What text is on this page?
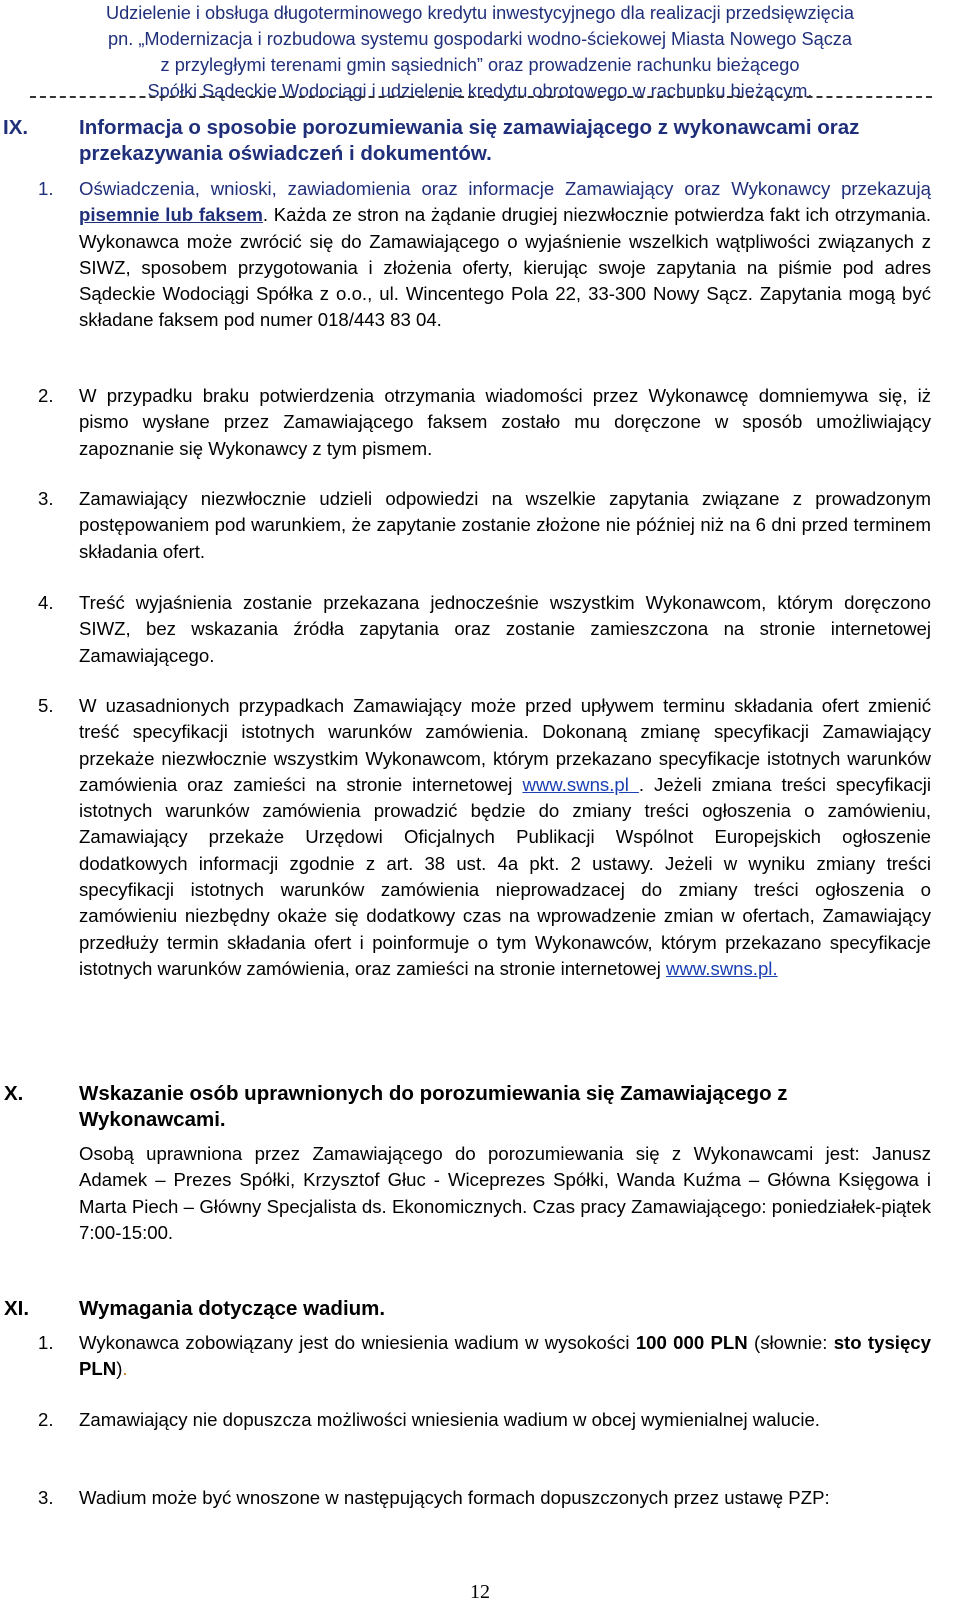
Udzielenie i obsługa długoterminowego kredytu inwestycyjnego dla realizacji przedsięwzięcia
pn. „Modernizacja i rozbudowa systemu gospodarki wodno-ściekowej Miasta Nowego Sącza
z przyległymi terenami gmin sąsiednich” oraz prowadzenie rachunku bieżącego
Spółki Sądeckie Wodociągi i udzielenie kredytu obrotowego w rachunku bieżącym.
IX. Informacja o sposobie porozumiewania się zamawiającego z wykonawcami oraz przekazywania oświadczeń i dokumentów.
1. Oświadczenia, wnioski, zawiadomienia oraz informacje Zamawiający oraz Wykonawcy przekazują pisemnie lub faksem. Każda ze stron na żądanie drugiej niezwłocznie potwierdza fakt ich otrzymania. Wykonawca może zwrócić się do Zamawiającego o wyjaśnienie wszelkich wątpliwości związanych z SIWZ, sposobem przygotowania i złożenia oferty, kierując swoje zapytania na piśmie pod adres Sądeckie Wodociągi Spółka z o.o., ul. Wincentego Pola 22, 33-300 Nowy Sącz. Zapytania mogą być składane faksem pod numer 018/443 83 04.
2. W przypadku braku potwierdzenia otrzymania wiadomości przez Wykonawcę domniemywa się, iż pismo wysłane przez Zamawiającego faksem zostało mu doręczone w sposób umożliwiający zapoznanie się Wykonawcy z tym pismem.
3. Zamawiający niezwłocznie udzieli odpowiedzi na wszelkie zapytania związane z prowadzonym postępowaniem pod warunkiem, że zapytanie zostanie złożone nie później niż na 6 dni przed terminem składania ofert.
4. Treść wyjaśnienia zostanie przekazana jednocześnie wszystkim Wykonawcom, którym doręczono SIWZ, bez wskazania źródła zapytania oraz zostanie zamieszczona na stronie internetowej Zamawiającego.
5. W uzasadnionych przypadkach Zamawiający może przed upływem terminu składania ofert zmienić treść specyfikacji istotnych warunków zamówienia. Dokonaną zmianę specyfikacji Zamawiający przekaże niezwłocznie wszystkim Wykonawcom, którym przekazano specyfikacje istotnych warunków zamówienia oraz zamieści na stronie internetowej www.swns.pl . Jeżeli zmiana treści specyfikacji istotnych warunków zamówienia prowadzić będzie do zmiany treści ogłoszenia o zamówieniu, Zamawiający przekaże Urzędowi Oficjalnych Publikacji Wspólnot Europejskich ogłoszenie dodatkowych informacji zgodnie z art. 38 ust. 4a pkt. 2 ustawy. Jeżeli w wyniku zmiany treści specyfikacji istotnych warunków zamówienia nieprowadzacej do zmiany treści ogłoszenia o zamówieniu niezbędny okaże się dodatkowy czas na wprowadzenie zmian w ofertach, Zamawiający przedłuży termin składania ofert i poinformuje o tym Wykonawców, którym przekazano specyfikacje istotnych warunków zamówienia, oraz zamieści na stronie internetowej www.swns.pl.
X.	Wskazanie osób uprawnionych do porozumiewania się Zamawiającego z Wykonawcami.
Osobą uprawniona przez Zamawiającego do porozumiewania się z Wykonawcami jest: Janusz Adamek – Prezes Spółki, Krzysztof Głuc - Wiceprezes Spółki, Wanda Kuźma – Główna Księgowa i Marta Piech – Główny Specjalista ds. Ekonomicznych. Czas pracy Zamawiającego: poniedziałek-piątek 7:00-15:00.
XI. Wymagania dotyczące wadium.
1. Wykonawca zobowiązany jest do wniesienia wadium w wysokości 100 000 PLN (słownie: sto tysięcy PLN).
2. Zamawiający nie dopuszcza możliwości wniesienia wadium w obcej wymienialnej walucie.
3. Wadium może być wnoszone w następujących formach dopuszczonych przez ustawę PZP:
12
